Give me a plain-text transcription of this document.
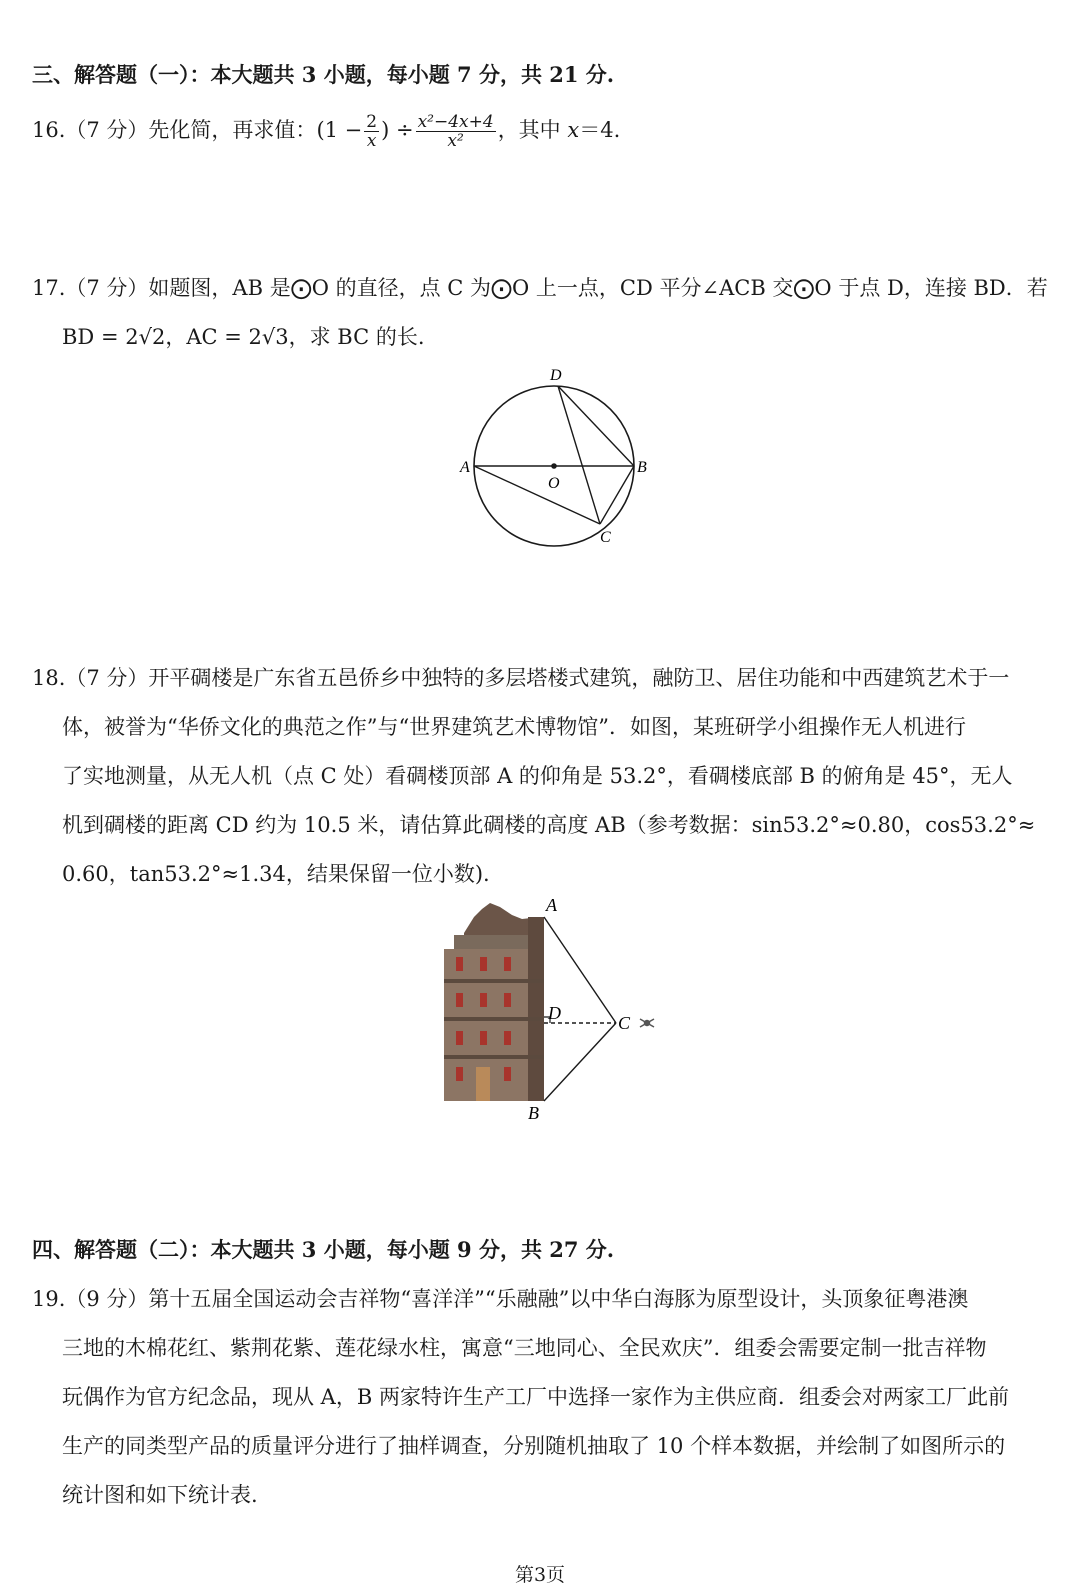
三、解答题（一）：本大题共 3 小题，每小题 7 分，共 21 分.
16.（7 分）先化简，再求值：($1 - \frac{2}{x}$ ) ÷ $\frac{\text{x²−4x+4}}{\text{x²}}$ ，其中 x＝4.
17.（7 分）如题图，AB 是⨀O 的直径，点 C 为⨀O 上一点，CD 平分∠ACB 交⨀O 于点 D，连接 BD．若
BD = 2√2，AC = 2√3，求 BC 的长.
A	B
C
D
O
18.（7 分）开平碉楼是广东省五邑侨乡中独特的多层塔楼式建筑，融防卫、居住功能和中西建筑艺术于一
体，被誉为“华侨文化的典范之作”与“世界建筑艺术博物馆”．如图，某班研学小组操作无人机进行
了实地测量，从无人机（点 C 处）看碉楼顶部 A 的仰角是 53.2°，看碉楼底部 B 的俯角是 45°，无人
机到碉楼的距离 CD 约为 10.5 米，请估算此碉楼的高度 AB（参考数据：sin53.2°≈0.80，cos53.2°≈
0.60，tan53.2°≈1.34，结果保留一位小数).
A
B
C
D
四、解答题（二）：本大题共 3 小题，每小题 9 分，共 27 分.
19.（9 分）第十五届全国运动会吉祥物“喜洋洋”“乐融融”以中华白海豚为原型设计，头顶象征粤港澳
三地的木棉花红、紫荆花紫、莲花绿水柱，寓意“三地同心、全民欢庆”．组委会需要定制一批吉祥物
玩偶作为官方纪念品，现从 A，B 两家特许生产工厂中选择一家作为主供应商．组委会对两家工厂此前
生产的同类型产品的质量评分进行了抽样调查，分别随机抽取了 10 个样本数据，并绘制了如图所示的
统计图和如下统计表.
第3页
